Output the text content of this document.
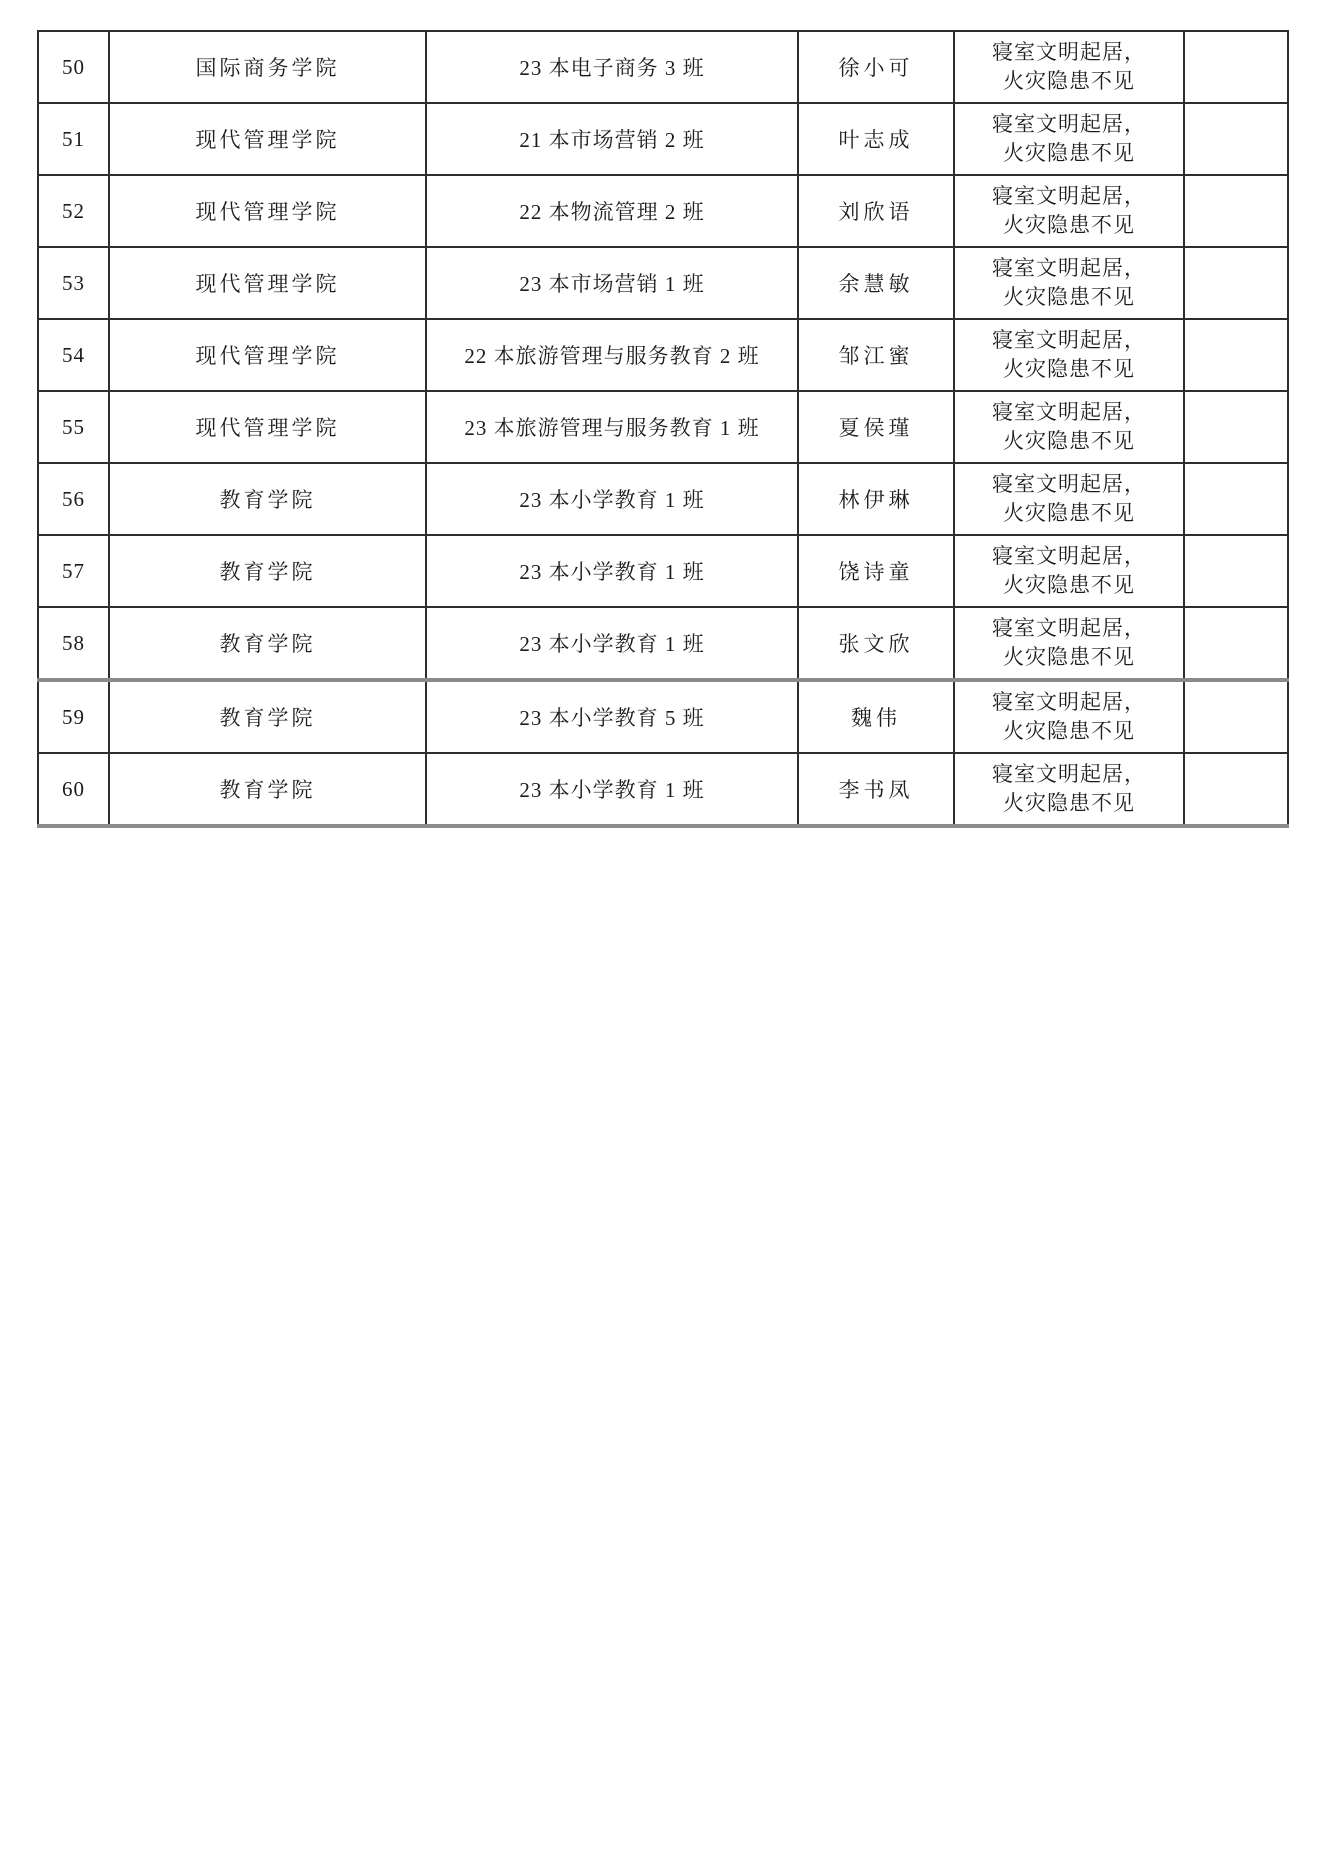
50	国际商务学院	23 本电子商务 3 班	徐小可	寝室文明起居，
火灾隐患不见	

51	现代管理学院	21 本市场营销 2 班	叶志成	寝室文明起居，
火灾隐患不见	

52	现代管理学院	22 本物流管理 2 班	刘欣语	寝室文明起居，
火灾隐患不见	

53	现代管理学院	23 本市场营销 1 班	余慧敏	寝室文明起居，
火灾隐患不见	

54	现代管理学院	22 本旅游管理与服务教育 2 班	邹江蜜	寝室文明起居，
火灾隐患不见	

55	现代管理学院	23 本旅游管理与服务教育 1 班	夏侯瑾	寝室文明起居，
火灾隐患不见	

56	教育学院	23 本小学教育 1 班	林伊琳	寝室文明起居，
火灾隐患不见	

57	教育学院	23 本小学教育 1 班	饶诗童	寝室文明起居，
火灾隐患不见	

58	教育学院	23 本小学教育 1 班	张文欣	寝室文明起居，
火灾隐患不见	

59	教育学院	23 本小学教育 5 班	魏伟	寝室文明起居，
火灾隐患不见	

60	教育学院	23 本小学教育 1 班	李书凤	寝室文明起居，
火灾隐患不见	
